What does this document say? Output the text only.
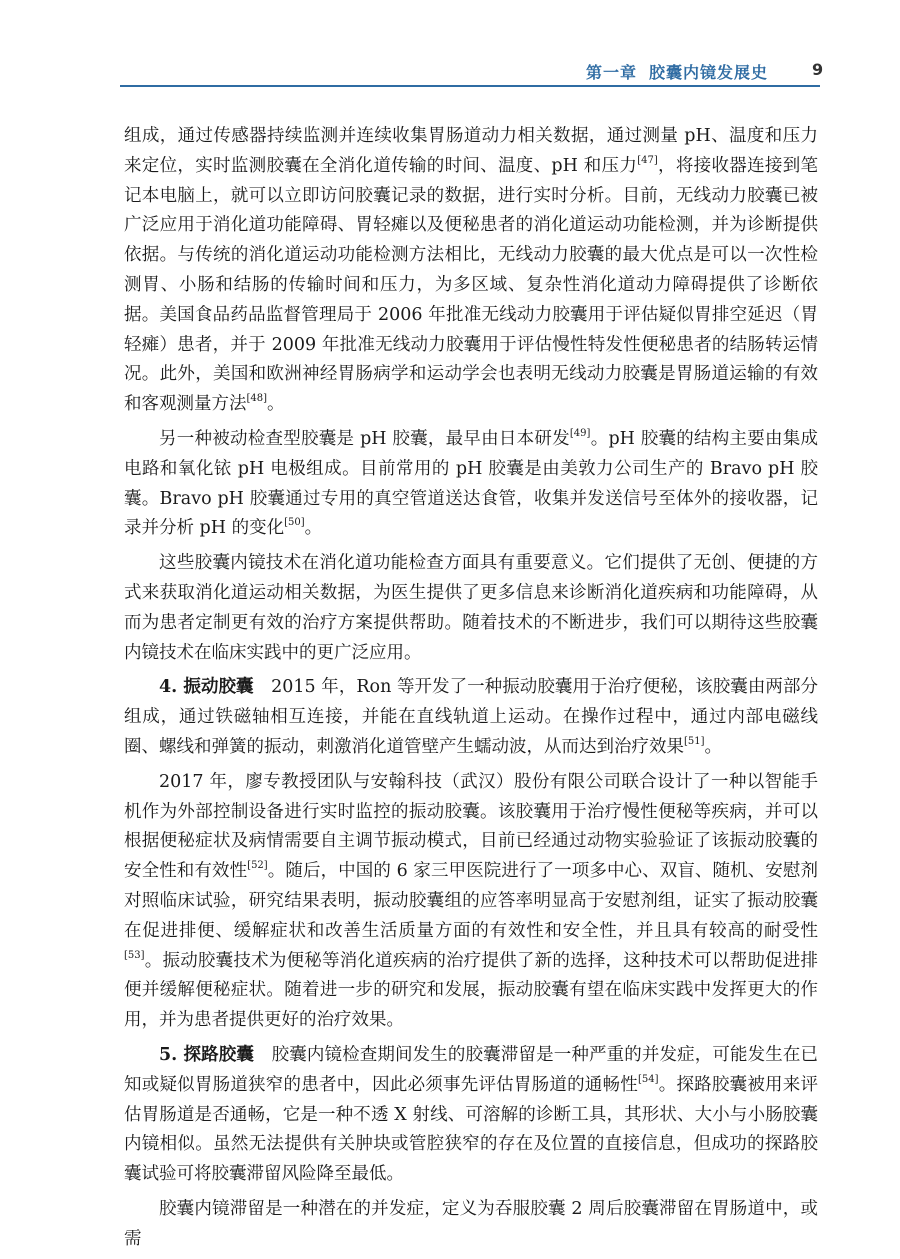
第一章 胶囊内镜发展史	9

组成，通过传感器持续监测并连续收集胃肠道动力相关数据，通过测量 pH、温度和压力来定位，实时监测胶囊在全消化道传输的时间、温度、pH 和压力[47]，将接收器连接到笔记本电脑上，就可以立即访问胶囊记录的数据，进行实时分析。目前，无线动力胶囊已被广泛应用于消化道功能障碍、胃轻瘫以及便秘患者的消化道运动功能检测，并为诊断提供依据。与传统的消化道运动功能检测方法相比，无线动力胶囊的最大优点是可以一次性检测胃、小肠和结肠的传输时间和压力，为多区域、复杂性消化道动力障碍提供了诊断依据。美国食品药品监督管理局于 2006 年批准无线动力胶囊用于评估疑似胃排空延迟（胃轻瘫）患者，并于 2009 年批准无线动力胶囊用于评估慢性特发性便秘患者的结肠转运情况。此外，美国和欧洲神经胃肠病学和运动学会也表明无线动力胶囊是胃肠道运输的有效和客观测量方法[48]。

另一种被动检查型胶囊是 pH 胶囊，最早由日本研发[49]。pH 胶囊的结构主要由集成电路和氧化铱 pH 电极组成。目前常用的 pH 胶囊是由美敦力公司生产的 Bravo pH 胶囊。Bravo pH 胶囊通过专用的真空管道送达食管，收集并发送信号至体外的接收器，记录并分析 pH 的变化[50]。

这些胶囊内镜技术在消化道功能检查方面具有重要意义。它们提供了无创、便捷的方式来获取消化道运动相关数据，为医生提供了更多信息来诊断消化道疾病和功能障碍，从而为患者定制更有效的治疗方案提供帮助。随着技术的不断进步，我们可以期待这些胶囊内镜技术在临床实践中的更广泛应用。

4. 振动胶囊　2015 年，Ron 等开发了一种振动胶囊用于治疗便秘，该胶囊由两部分组成，通过铁磁轴相互连接，并能在直线轨道上运动。在操作过程中，通过内部电磁线圈、螺线和弹簧的振动，刺激消化道管壁产生蠕动波，从而达到治疗效果[51]。

2017 年，廖专教授团队与安翰科技（武汉）股份有限公司联合设计了一种以智能手机作为外部控制设备进行实时监控的振动胶囊。该胶囊用于治疗慢性便秘等疾病，并可以根据便秘症状及病情需要自主调节振动模式，目前已经通过动物实验验证了该振动胶囊的安全性和有效性[52]。随后，中国的 6 家三甲医院进行了一项多中心、双盲、随机、安慰剂对照临床试验，研究结果表明，振动胶囊组的应答率明显高于安慰剂组，证实了振动胶囊在促进排便、缓解症状和改善生活质量方面的有效性和安全性，并且具有较高的耐受性[53]。振动胶囊技术为便秘等消化道疾病的治疗提供了新的选择，这种技术可以帮助促进排便并缓解便秘症状。随着进一步的研究和发展，振动胶囊有望在临床实践中发挥更大的作用，并为患者提供更好的治疗效果。

5. 探路胶囊　胶囊内镜检查期间发生的胶囊滞留是一种严重的并发症，可能发生在已知或疑似胃肠道狭窄的患者中，因此必须事先评估胃肠道的通畅性[54]。探路胶囊被用来评估胃肠道是否通畅，它是一种不透 X 射线、可溶解的诊断工具，其形状、大小与小肠胶囊内镜相似。虽然无法提供有关肿块或管腔狭窄的存在及位置的直接信息，但成功的探路胶囊试验可将胶囊滞留风险降至最低。

胶囊内镜滞留是一种潜在的并发症，定义为吞服胶囊 2 周后胶囊滞留在胃肠道中，或需
